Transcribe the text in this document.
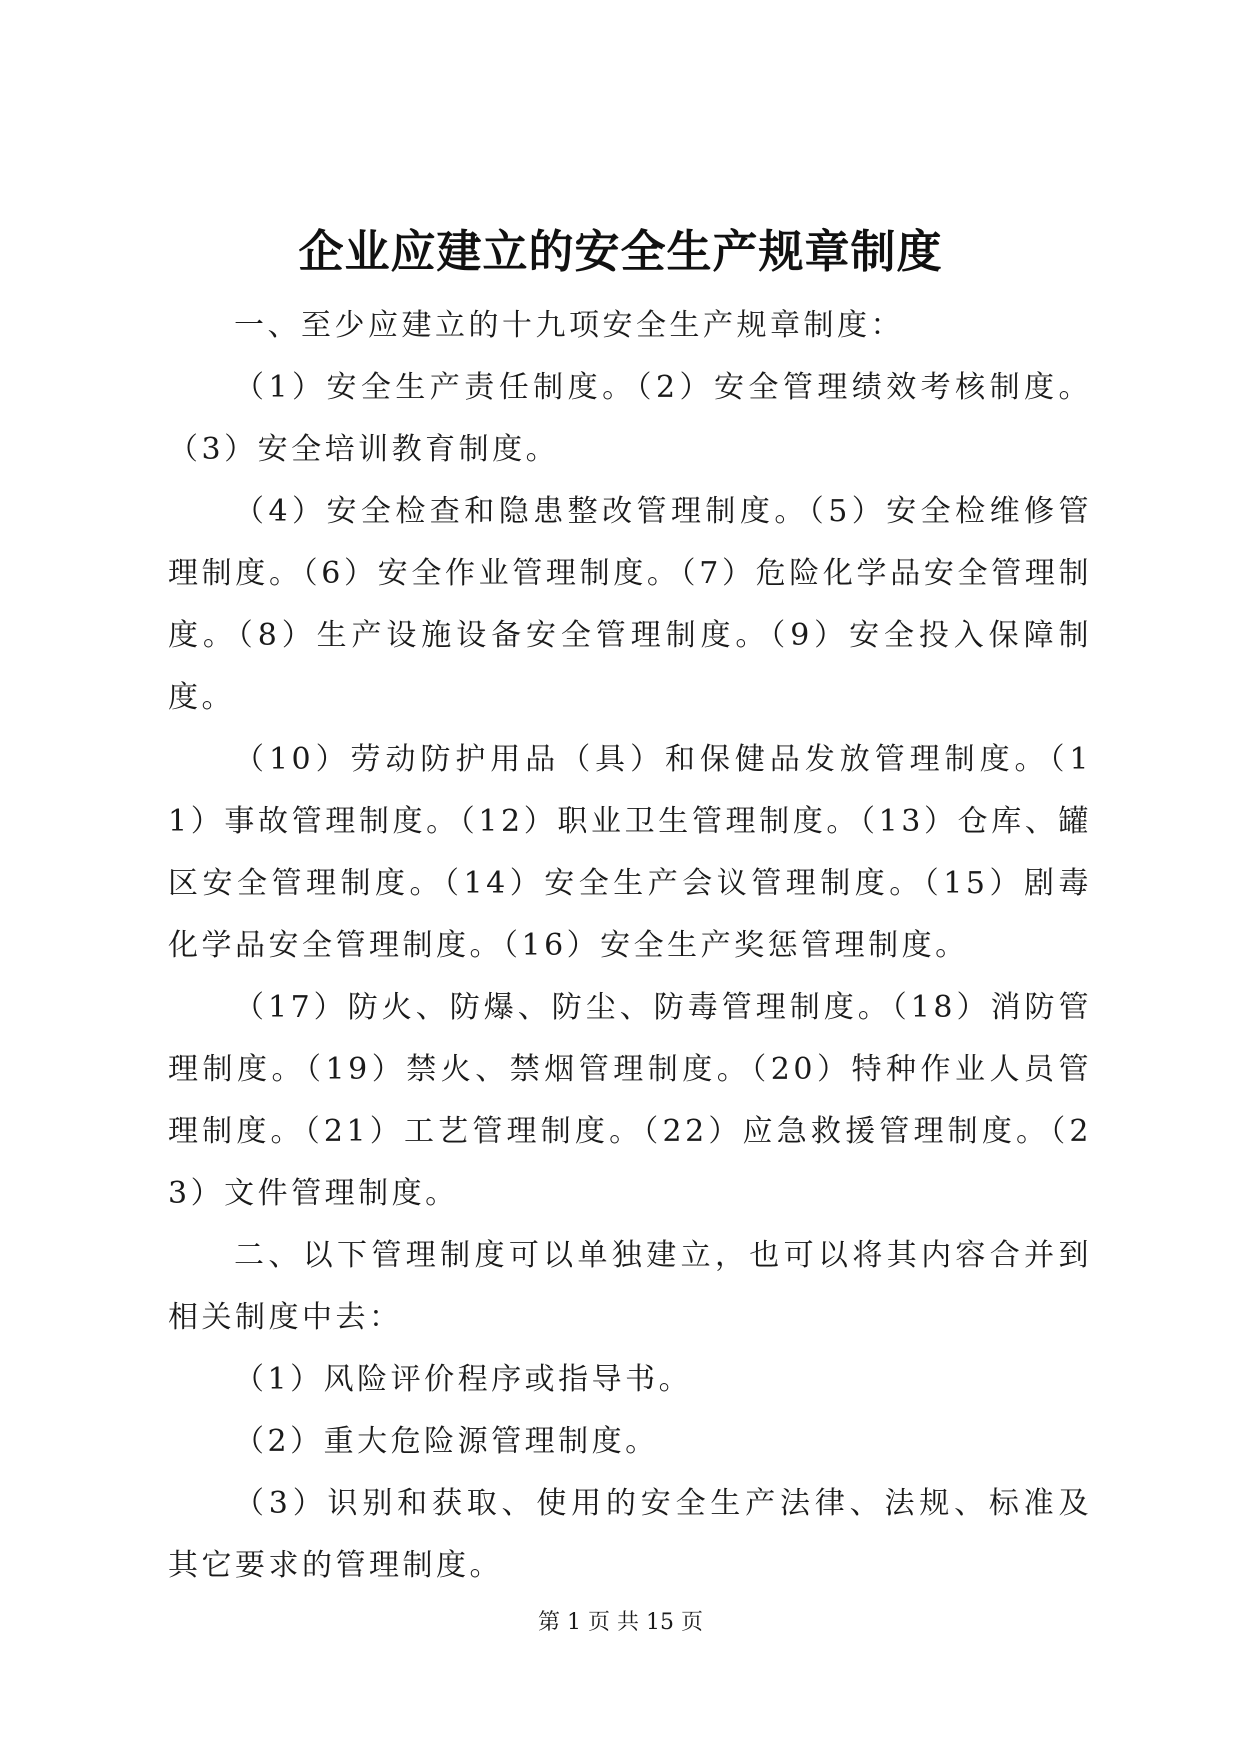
企业应建立的安全生产规章制度

一、至少应建立的十九项安全生产规章制度：

（1）安全生产责任制度。（2）安全管理绩效考核制度。（3）安全培训教育制度。

（4）安全检查和隐患整改管理制度。（5）安全检维修管理制度。（6）安全作业管理制度。（7）危险化学品安全管理制度。（8）生产设施设备安全管理制度。（9）安全投入保障制度。

（10）劳动防护用品（具）和保健品发放管理制度。（11）事故管理制度。（12）职业卫生管理制度。（13）仓库、罐区安全管理制度。（14）安全生产会议管理制度。（15）剧毒化学品安全管理制度。（16）安全生产奖惩管理制度。

（17）防火、防爆、防尘、防毒管理制度。（18）消防管理制度。（19）禁火、禁烟管理制度。（20）特种作业人员管理制度。（21）工艺管理制度。（22）应急救援管理制度。（23）文件管理制度。

二、以下管理制度可以单独建立，也可以将其内容合并到相关制度中去：

（1）风险评价程序或指导书。

（2）重大危险源管理制度。

（3）识别和获取、使用的安全生产法律、法规、标准及其它要求的管理制度。

第 1 页 共 15 页
